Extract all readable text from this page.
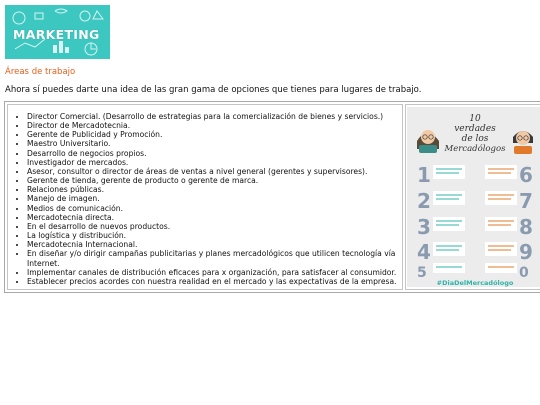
MARKETING
Áreas de trabajo
Ahora sí puedes darte una idea de las gran gama de opciones que tienes para lugares de trabajo.
• Director Comercial. (Desarrollo de estrategias para la comercialización de bienes y servicios.)
• Director de Mercadotecnia.
• Gerente de Publicidad y Promoción.
• Maestro Universitario.
• Desarrollo de negocios propios.
• Investigador de mercados.
• Asesor, consultor o director de áreas de ventas a nivel general (gerentes y supervisores).
• Gerente de tienda, gerente de producto o gerente de marca.
• Relaciones públicas.
• Manejo de imagen.
• Medios de comunicación.
• Mercadotecnia directa.
• En el desarrollo de nuevos productos.
• La logística y distribución.
• Mercadotecnia Internacional.
• En diseñar y/o dirigir campañas publicitarias y planes mercadológicos que utilicen tecnología vía Internet.
• Implementar canales de distribución eficaces para x organización, para satisfacer al consumidor.
• Establecer precios acordes con nuestra realidad en el mercado y las expectativas de la empresa.
10
verdades
de los
Mercadólogos
1
2
3
4
5
6
7
8
9
0
#DiaDelMercadólogo
